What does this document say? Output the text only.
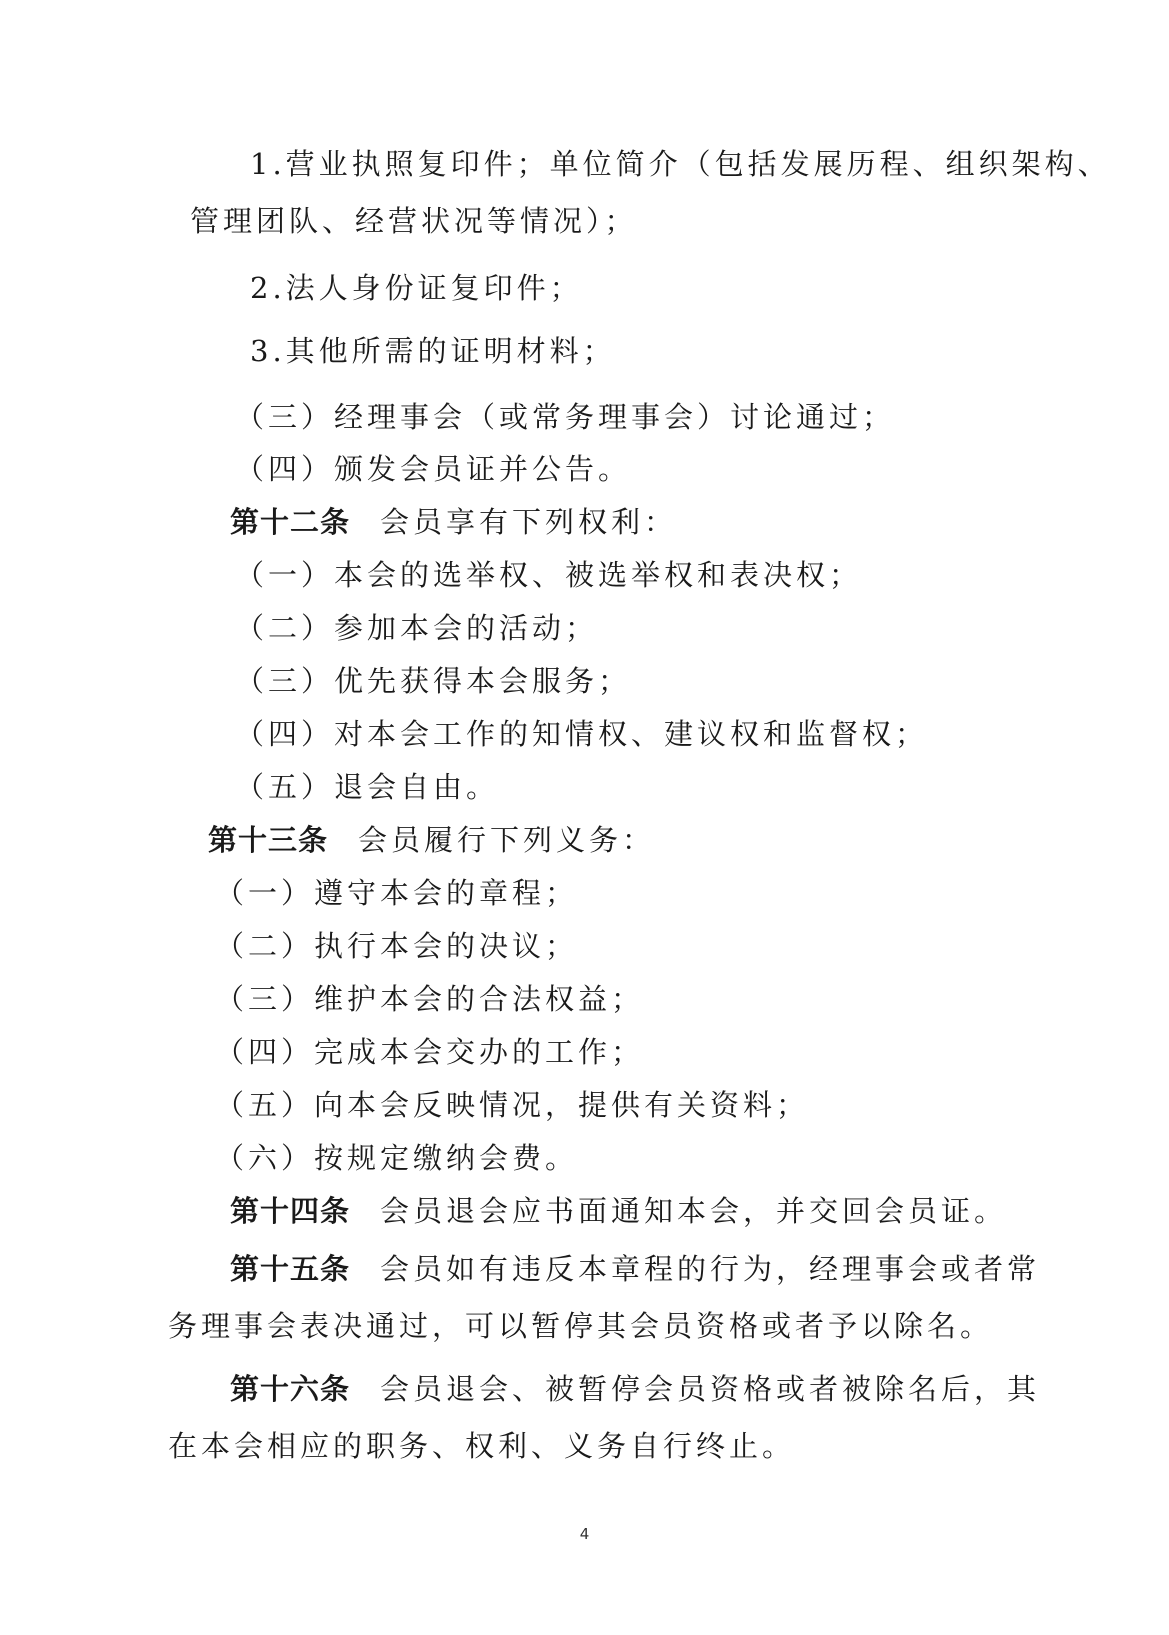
1.营业执照复印件；单位简介（包括发展历程、组织架构、

管理团队、经营状况等情况）；

2.法人身份证复印件；

3.其他所需的证明材料；

（三）经理事会（或常务理事会）讨论通过；

（四）颁发会员证并公告。

第十二条 会员享有下列权利：

（一）本会的选举权、被选举权和表决权；

（二）参加本会的活动；

（三）优先获得本会服务；

（四）对本会工作的知情权、建议权和监督权；

（五）退会自由。

第十三条 会员履行下列义务：

（一）遵守本会的章程；

（二）执行本会的决议；

（三）维护本会的合法权益；

（四）完成本会交办的工作；

（五）向本会反映情况，提供有关资料；

（六）按规定缴纳会费。

第十四条 会员退会应书面通知本会，并交回会员证。

第十五条 会员如有违反本章程的行为，经理事会或者常

务理事会表决通过，可以暂停其会员资格或者予以除名。

第十六条 会员退会、被暂停会员资格或者被除名后，其

在本会相应的职务、权利、义务自行终止。

4
